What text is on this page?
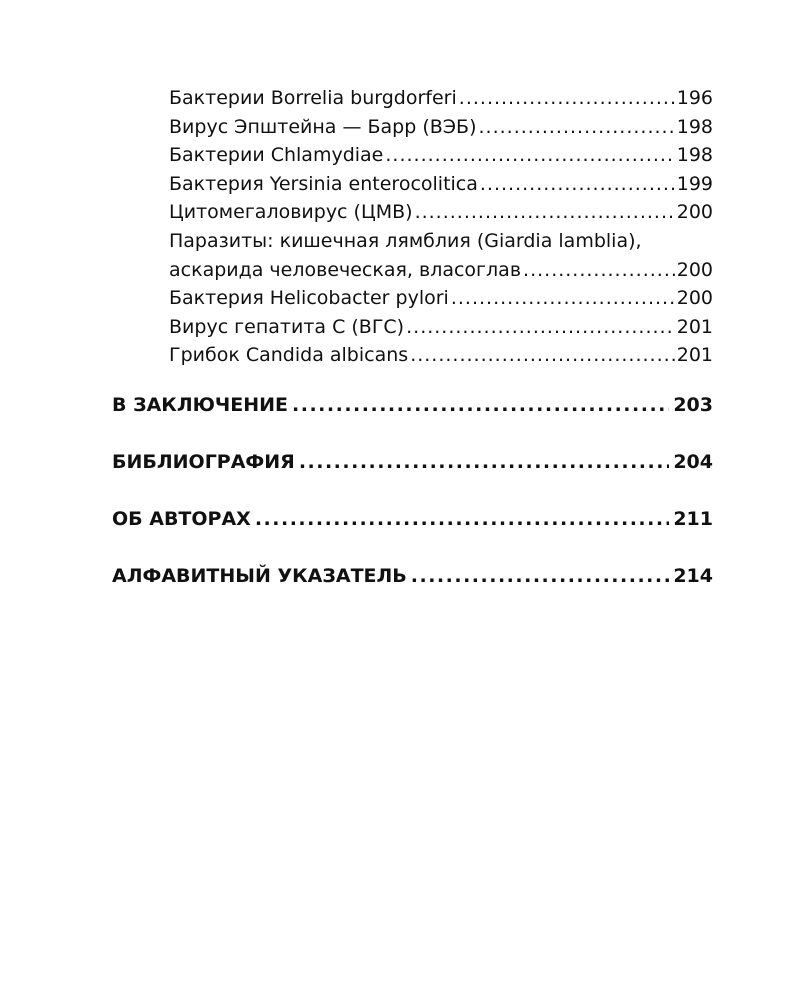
Бактерии Borrelia burgdorferi .....	196
Вирус Эпштейна — Барр (ВЭБ) .....	198
Бактерии Chlamydiae .....	198
Бактерия Yersinia enterocolitica .....	199
Цитомегаловирус (ЦМВ) .....	200
Паразиты: кишечная лямблия (Giardia lamblia),
аскарида человеческая, власоглав .....	200
Бактерия Helicobacter pylori .....	200
Вирус гепатита С (ВГС) .....	201
Грибок Candida albicans .....	201
В ЗАКЛЮЧЕНИЕ .....	203
БИБЛИОГРАФИЯ .....	204
ОБ АВТОРАХ .....	211
АЛФАВИТНЫЙ УКАЗАТЕЛЬ .....	214
